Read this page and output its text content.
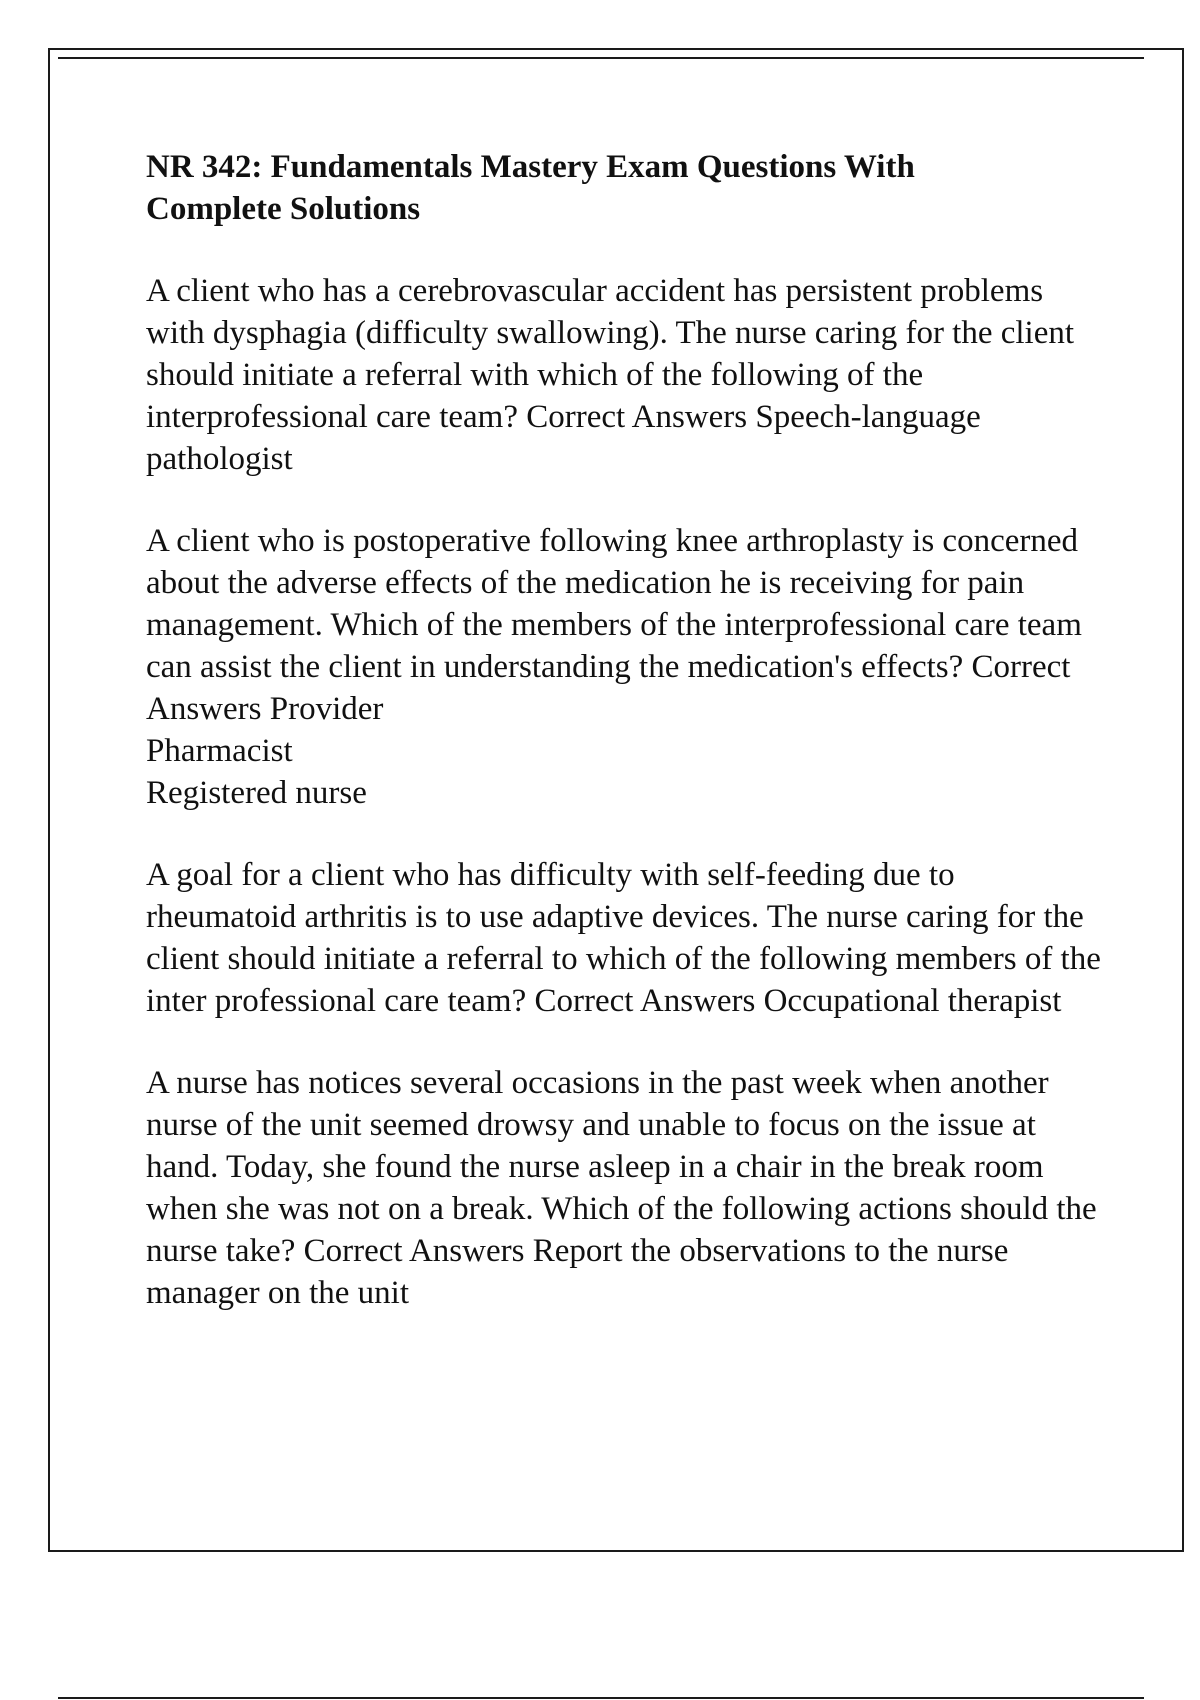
NR 342: Fundamentals Mastery Exam Questions With
Complete Solutions

A client who has a cerebrovascular accident has persistent problems with dysphagia (difficulty swallowing). The nurse caring for the client should initiate a referral with which of the following of the interprofessional care team? Correct Answers Speech-language pathologist

A client who is postoperative following knee arthroplasty is concerned about the adverse effects of the medication he is receiving for pain management. Which of the members of the interprofessional care team can assist the client in understanding the medication's effects? Correct Answers Provider

Pharmacist
Registered nurse

A goal for a client who has difficulty with self-feeding due to rheumatoid arthritis is to use adaptive devices. The nurse caring for the client should initiate a referral to which of the following members of the inter professional care team? Correct Answers Occupational therapist

A nurse has notices several occasions in the past week when another nurse of the unit seemed drowsy and unable to focus on the issue at hand. Today, she found the nurse asleep in a chair in the break room when she was not on a break. Which of the following actions should the nurse take? Correct Answers Report the observations to the nurse manager on the unit
